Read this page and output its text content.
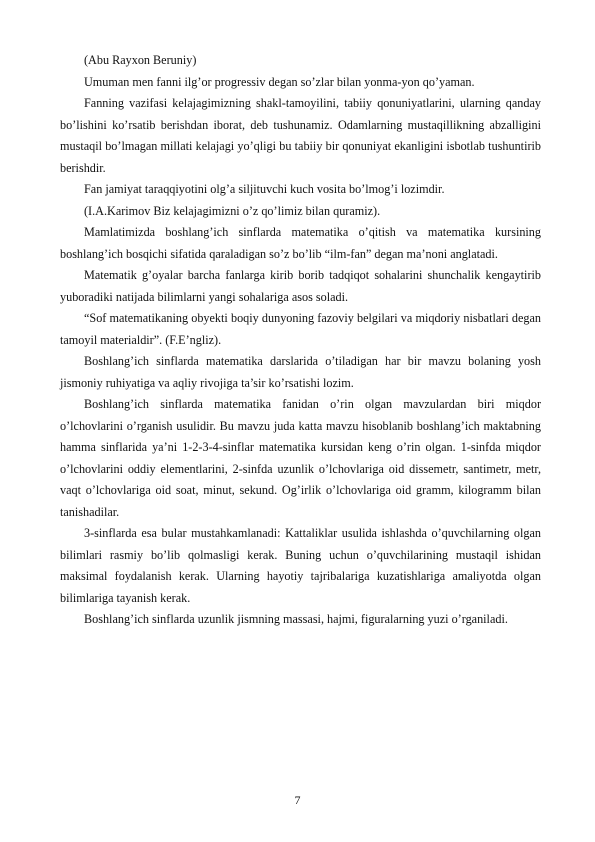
(Abu Rayxon Beruniy)

Umuman men fanni ilg’or progressiv degan so’zlar bilan yonma-yon qo’yaman.

Fanning vazifasi kelajagimizning shakl-tamoyilini, tabiiy qonuniyatlarini, ularning qanday bo’lishini ko’rsatib berishdan iborat, deb tushunamiz. Odamlarning mustaqillikning abzalligini mustaqil bo’lmagan millati kelajagi yo’qligi bu tabiiy bir qonuniyat ekanligini isbotlab tushuntirib berishdir.

Fan jamiyat taraqqiyotini olg’a siljituvchi kuch vosita bo’lmog’i lozimdir.

(I.A.Karimov Biz kelajagimizni o’z qo’limiz bilan quramiz).

Mamlatimizda boshlang’ich sinflarda matematika o’qitish va matematika kursining boshlang’ich bosqichi sifatida qaraladigan so’z bo’lib “ilm-fan” degan ma’noni anglatadi.

Matematik g’oyalar barcha fanlarga kirib borib tadqiqot sohalarini shunchalik kengaytirib yuboradiki natijada bilimlarni yangi sohalariga asos soladi.

“Sof matematikaning obyekti boqiy dunyoning fazoviy belgilari va miqdoriy nisbatlari degan tamoyil materialdir”. (F.E’ngliz).

Boshlang’ich sinflarda matematika darslarida o’tiladigan har bir mavzu bolaning yosh jismoniy ruhiyatiga va aqliy rivojiga ta’sir ko’rsatishi lozim.

Boshlang’ich sinflarda matematika fanidan o’rin olgan mavzulardan biri miqdor o’lchovlarini o’rganish usulidir. Bu mavzu juda katta mavzu hisoblanib boshlang’ich maktabning hamma sinflarida ya’ni 1-2-3-4-sinflar matematika kursidan keng o’rin olgan. 1-sinfda miqdor o’lchovlarini oddiy elementlarini, 2-sinfda uzunlik o’lchovlariga oid dissemetr, santimetr, metr, vaqt o’lchovlariga oid soat, minut, sekund. Og’irlik o’lchovlariga oid gramm, kilogramm bilan tanishadilar.

3-sinflarda esa bular mustahkamlanadi: Kattaliklar usulida ishlashda o’quvchilarning olgan bilimlari rasmiy bo’lib qolmasligi kerak. Buning uchun o’quvchilarining mustaqil ishidan maksimal foydalanish kerak. Ularning hayotiy tajribalariga kuzatishlariga amaliyotda olgan bilimlariga tayanish kerak.

Boshlang’ich sinflarda uzunlik jismning massasi, hajmi, figuralarning yuzi o’rganiladi.

7
